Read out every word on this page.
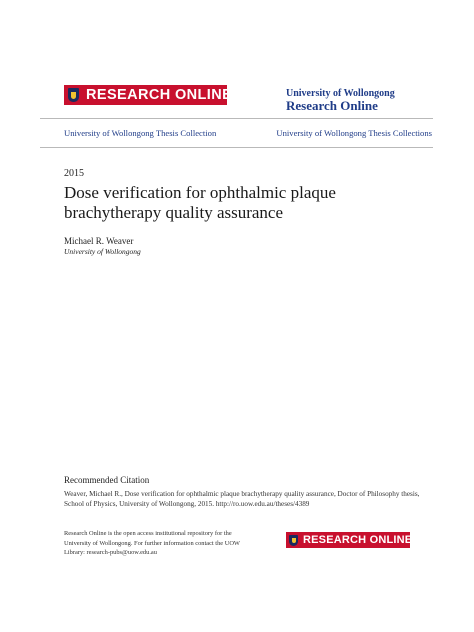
RESEARCH ONLINE	University of Wollongong
Research Online
University of Wollongong Thesis Collection	University of Wollongong Thesis Collections
2015
Dose verification for ophthalmic plaque brachytherapy quality assurance
Michael R. Weaver
University of Wollongong
Recommended Citation
Weaver, Michael R., Dose verification for ophthalmic plaque brachytherapy quality assurance, Doctor of Philosophy thesis, School of Physics, University of Wollongong, 2015. http://ro.uow.edu.au/theses/4389
Research Online is the open access institutional repository for the
University of Wollongong. For further information contact the UOW
Library: research-pubs@uow.edu.au
RESEARCH ONLINE
